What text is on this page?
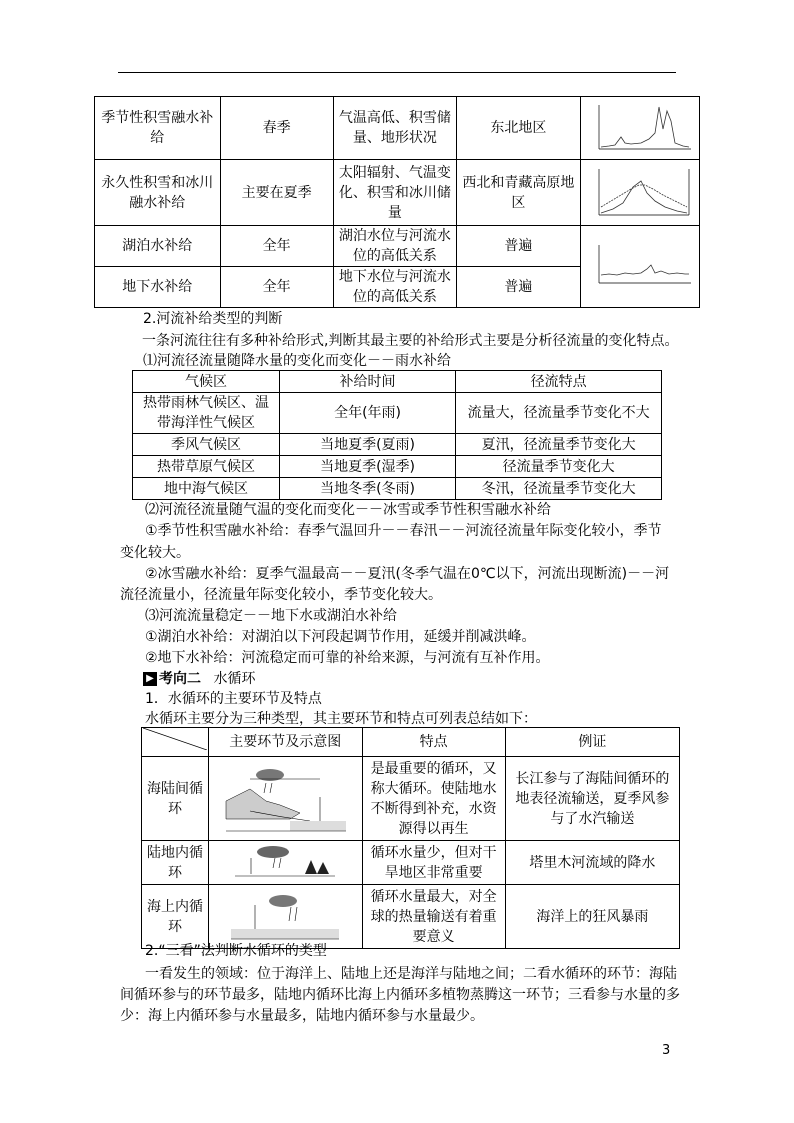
季节性积雪融水补给	春季	气温高低、积雪储量、地形状况	东北地区	

永久性积雪和冰川融水补给	主要在夏季	太阳辐射、气温变化、积雪和冰川储量	西北和青藏高原地区	

湖泊水补给	全年	湖泊水位与河流水位的高低关系	普遍	

地下水补给	全年	地下水位与河流水位的高低关系	普遍	
2.河流补给类型的判断
一条河流往往有多种补给形式,判断其最主要的补给形式主要是分析径流量的变化特点。
⑴河流径流量随降水量的变化而变化－－雨水补给
气候区	补给时间	径流特点
热带雨林气候区、温带海洋性气候区	全年(年雨)	流量大，径流量季节变化不大
季风气候区	当地夏季(夏雨)	夏汛，径流量季节变化大
热带草原气候区	当地夏季(湿季)	径流量季节变化大
地中海气候区	当地冬季(冬雨)	冬汛，径流量季节变化大
⑵河流径流量随气温的变化而变化－－冰雪或季节性积雪融水补给
①季节性积雪融水补给：春季气温回升－－春汛－－河流径流量年际变化较小，季节
变化较大。
②冰雪融水补给：夏季气温最高－－夏汛(冬季气温在0℃以下，河流出现断流)－－河
流径流量小，径流量年际变化较小，季节变化较大。
⑶河流流量稳定－－地下水或湖泊水补给
①湖泊水补给：对湖泊以下河段起调节作用，延缓并削减洪峰。
②地下水补给：河流稳定而可靠的补给来源，与河流有互补作用。
▶ 考向二 水循环
1．水循环的主要环节及特点
水循环主要分为三种类型，其主要环节和特点可列表总结如下：
	主要环节及示意图	特点	例证
海陆间循环		是最重要的循环，又称大循环。使陆地水不断得到补充，水资源得以再生	长江参与了海陆间循环的地表径流输送，夏季风参与了水汽输送
陆地内循环		循环水量少，但对干旱地区非常重要	塔里木河流域的降水
海上内循环		循环水量最大，对全球的热量输送有着重要意义	海洋上的狂风暴雨
2.“三看”法判断水循环的类型
一看发生的领域：位于海洋上、陆地上还是海洋与陆地之间；二看水循环的环节：海陆
间循环参与的环节最多，陆地内循环比海上内循环多植物蒸腾这一环节；三看参与水量的多
少：海上内循环参与水量最多，陆地内循环参与水量最少。
3
